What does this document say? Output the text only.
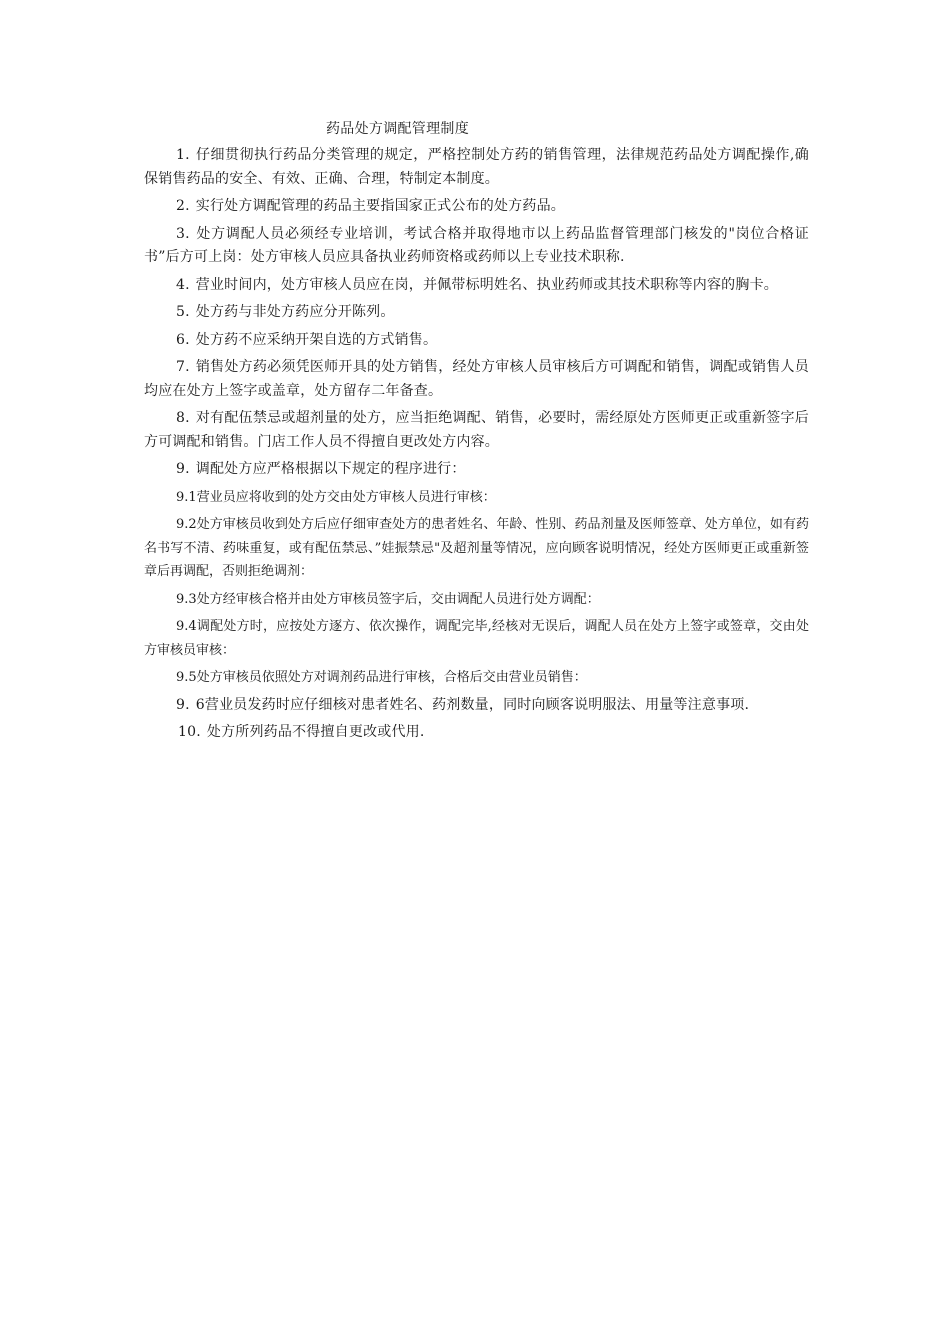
药品处方调配管理制度

1. 仔细贯彻执行药品分类管理的规定，严格控制处方药的销售管理，法律规范药品处方调配操作,确保销售药品的安全、有效、正确、合理，特制定本制度。

2. 实行处方调配管理的药品主要指国家正式公布的处方药品。

3. 处方调配人员必须经专业培训，考试合格并取得地市以上药品监督管理部门核发的"岗位合格证书”后方可上岗：处方审核人员应具备执业药师资格或药师以上专业技术职称.

4. 营业时间内，处方审核人员应在岗，并佩带标明姓名、执业药师或其技术职称等内容的胸卡。

5. 处方药与非处方药应分开陈列。

6. 处方药不应采纳开架自选的方式销售。

7. 销售处方药必须凭医师开具的处方销售，经处方审核人员审核后方可调配和销售，调配或销售人员均应在处方上签字或盖章，处方留存二年备查。

8. 对有配伍禁忌或超剂量的处方，应当拒绝调配、销售，必要时，需经原处方医师更正或重新签字后方可调配和销售。门店工作人员不得擅自更改处方内容。

9. 调配处方应严格根据以下规定的程序进行：

9.1营业员应将收到的处方交由处方审核人员进行审核：

9.2处方审核员收到处方后应仔细审查处方的患者姓名、年龄、性别、药品剂量及医师签章、处方单位，如有药名书写不清、药味重复，或有配伍禁忌、”娃振禁忌"及超剂量等情况，应向顾客说明情况，经处方医师更正或重新签章后再调配，否则拒绝调剂：

9.3处方经审核合格并由处方审核员签字后，交由调配人员进行处方调配：

9.4调配处方时，应按处方逐方、依次操作，调配完毕,经核对无误后，调配人员在处方上签字或签章，交由处方审核员审核：

9.5处方审核员依照处方对调剂药品进行审核，合格后交由营业员销售：

9. 6营业员发药时应仔细核对患者姓名、药剂数量，同时向顾客说明服法、用量等注意事项.

10. 处方所列药品不得擅自更改或代用.
